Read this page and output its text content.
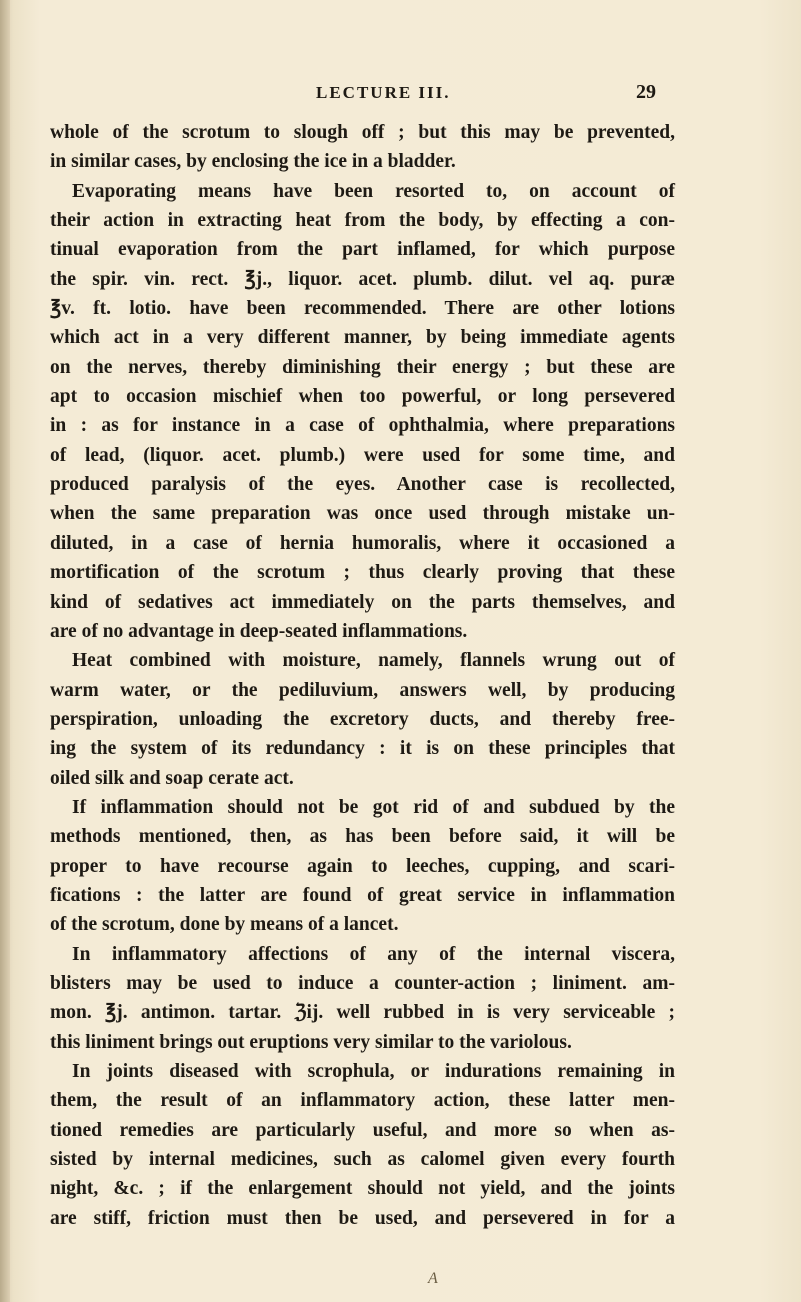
LECTURE III.	29
whole of the scrotum to slough off ; but this may be prevented,
in similar cases, by enclosing the ice in a bladder.
Evaporating means have been resorted to, on account of
their action in extracting heat from the body, by effecting a con-
tinual evaporation from the part inflamed, for which purpose
the spir. vin. rect. ℥j., liquor. acet. plumb. dilut. vel aq. puræ
℥v. ft. lotio. have been recommended. There are other lotions
which act in a very different manner, by being immediate agents
on the nerves, thereby diminishing their energy ; but these are
apt to occasion mischief when too powerful, or long persevered
in : as for instance in a case of ophthalmia, where preparations
of lead, (liquor. acet. plumb.) were used for some time, and
produced paralysis of the eyes. Another case is recollected,
when the same preparation was once used through mistake un-
diluted, in a case of hernia humoralis, where it occasioned a
mortification of the scrotum ; thus clearly proving that these
kind of sedatives act immediately on the parts themselves, and
are of no advantage in deep-seated inflammations.
Heat combined with moisture, namely, flannels wrung out of
warm water, or the pediluvium, answers well, by producing
perspiration, unloading the excretory ducts, and thereby free-
ing the system of its redundancy : it is on these principles that
oiled silk and soap cerate act.
If inflammation should not be got rid of and subdued by the
methods mentioned, then, as has been before said, it will be
proper to have recourse again to leeches, cupping, and scari-
fications : the latter are found of great service in inflammation
of the scrotum, done by means of a lancet.
In inflammatory affections of any of the internal viscera,
blisters may be used to induce a counter-action ; liniment. am-
mon. ℥j. antimon. tartar. ℨij. well rubbed in is very serviceable ;
this liniment brings out eruptions very similar to the variolous.
In joints diseased with scrophula, or indurations remaining in
them, the result of an inflammatory action, these latter men-
tioned remedies are particularly useful, and more so when as-
sisted by internal medicines, such as calomel given every fourth
night, &c. ; if the enlargement should not yield, and the joints
are stiff, friction must then be used, and persevered in for a
A
